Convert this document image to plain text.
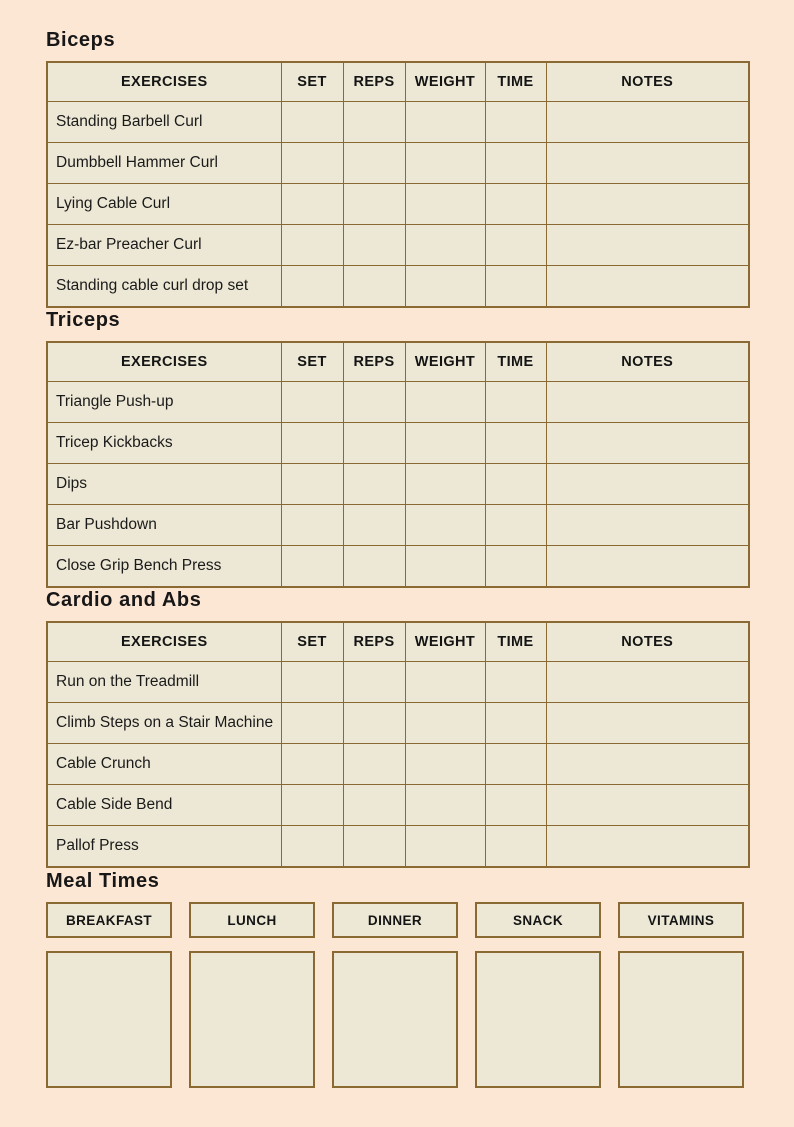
Biceps
EXERCISES	SET	REPS	WEIGHT	TIME	NOTES
Standing Barbell Curl					
Dumbbell Hammer Curl					
Lying Cable Curl					
Ez-bar Preacher Curl					
Standing cable curl drop set					
Triceps
EXERCISES	SET	REPS	WEIGHT	TIME	NOTES
Triangle Push-up					
Tricep Kickbacks					
Dips					
Bar Pushdown					
Close Grip Bench Press					
Cardio and Abs
EXERCISES	SET	REPS	WEIGHT	TIME	NOTES
Run on the Treadmill					
Climb Steps on a Stair Machine					
Cable Crunch					
Cable Side Bend					
Pallof Press					
Meal Times
BREAKFAST	LUNCH	DINNER	SNACK	VITAMINS
